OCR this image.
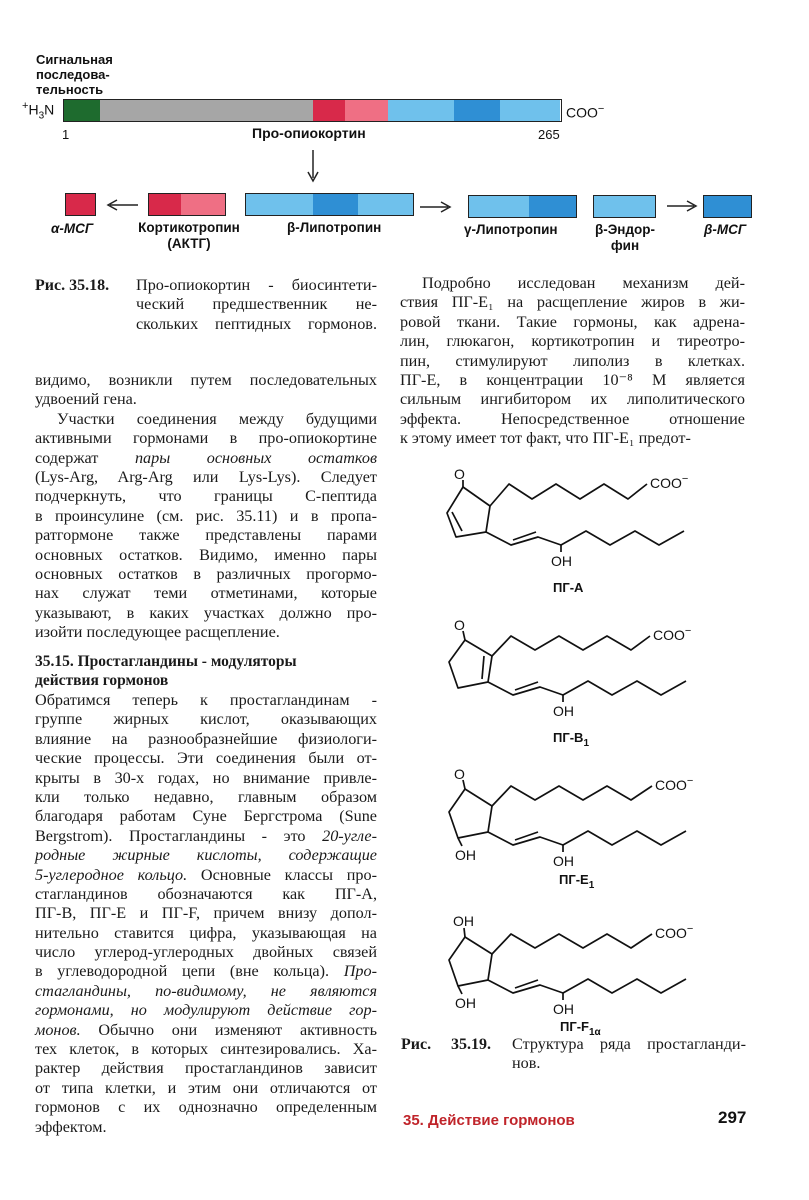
Сигнальная
последова-
тельность
$^+H_3N$	COO−
1	265
Про-опиокортин
α-МСГ	Кортикотропин
(АКТГ)
β-Липотропин	γ-Липотропин	β-Эндор-
фин
β-МСГ
Рис. 35.18. Про-опиокортин - биосинтети-
ческий предшественник не-
скольких пептидных гормонов.
видимо, возникли путем последовательных
удвоений гена.
Участки соединения между будущими
активными гормонами в про-опиокортине
содержат пары основных остатков
(Lys-Arg, Arg-Arg или Lys-Lys). Следует
подчеркнуть, что границы С-пептида
в проинсулине (см. рис. 35.11) и в пропа-
ратгормоне также представлены парами
основных остатков. Видимо, именно пары
основных остатков в различных прогормо-
нах служат теми отметинами, которые
указывают, в каких участках должно про-
изойти последующее расщепление.
35.15. Простагландины - модуляторы
действия гормонов
Обратимся теперь к простагландинам -
группе жирных кислот, оказывающих
влияние на разнообразнейшие физиологи-
ческие процессы. Эти соединения были от-
крыты в 30-х годах, но внимание привле-
кли только недавно, главным образом
благодаря работам Суне Бергстрома (Sune
Bergstrom). Простагландины - это 20-угле-
родные жирные кислоты, содержащие
5-углеродное кольцо. Основные классы про-
стагландинов обозначаются как ПГ-А,
ПГ-В, ПГ-Е и ПГ-F, причем внизу допол-
нительно ставится цифра, указывающая на
число углерод-углеродных двойных связей
в углеводородной цепи (вне кольца). Про-
стагландины, по-видимому, не являются
гормонами, но модулируют действие гор-
монов. Обычно они изменяют активность
тех клеток, в которых синтезировались. Ха-
рактер действия простагландинов зависит
от типа клетки, и этим они отличаются от
гормонов с их однозначно определенным
эффектом.
Подробно исследован механизм дей-
ствия ПГ-Е₁ на расщепление жиров в жи-
ровой ткани. Такие гормоны, как адрена-
лин, глюкагон, кортикотропин и тиреотро-
пин, стимулируют липолиз в клетках.
ПГ-Е, в концентрации 10⁻⁸ М является
сильным ингибитором их липолитического
эффекта. Непосредственное отношение
к этому имеет тот факт, что ПГ-Е₁ предот-
O
COO−
OH
ПГ-А
O
COO−
OH
$ПГ-В_1$
O
COO−
OH	OH
$ПГ-Е_1$
OH
COO−
OH	OH
$ПГ-F_{1\alpha}$
Рис. 35.19. Структура ряда простагланди-
нов.
35. Действие гормонов	297
